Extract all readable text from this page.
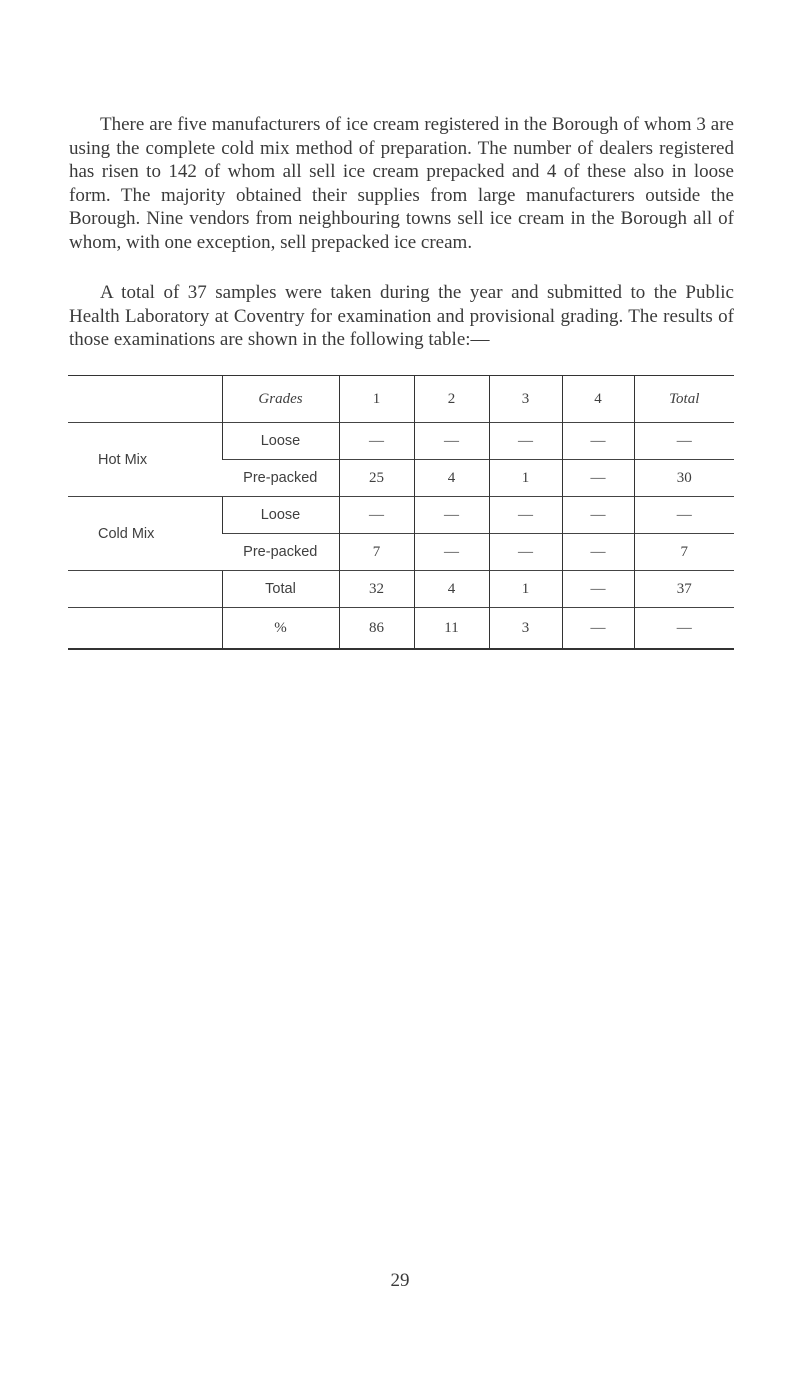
There are five manufacturers of ice cream registered in the Borough of whom 3 are using the complete cold mix method of preparation. The number of dealers registered has risen to 142 of whom all sell ice cream prepacked and 4 of these also in loose form. The majority obtained their supplies from large manufacturers outside the Borough. Nine vendors from neighbouring towns sell ice cream in the Borough all of whom, with one exception, sell prepacked ice cream.

A total of 37 samples were taken during the year and submitted to the Public Health Laboratory at Coventry for examination and provisional grading. The results of those examinations are shown in the following table:—

	Grades	1	2	3	4	Total
Hot Mix	Loose	—	—	—	—	—
	Pre-packed	25	4	1	—	30
Cold Mix	Loose	—	—	—	—	—
	Pre-packed	7	—	—	—	7
	Total	32	4	1	—	37
	%	86	11	3	—	—
29
